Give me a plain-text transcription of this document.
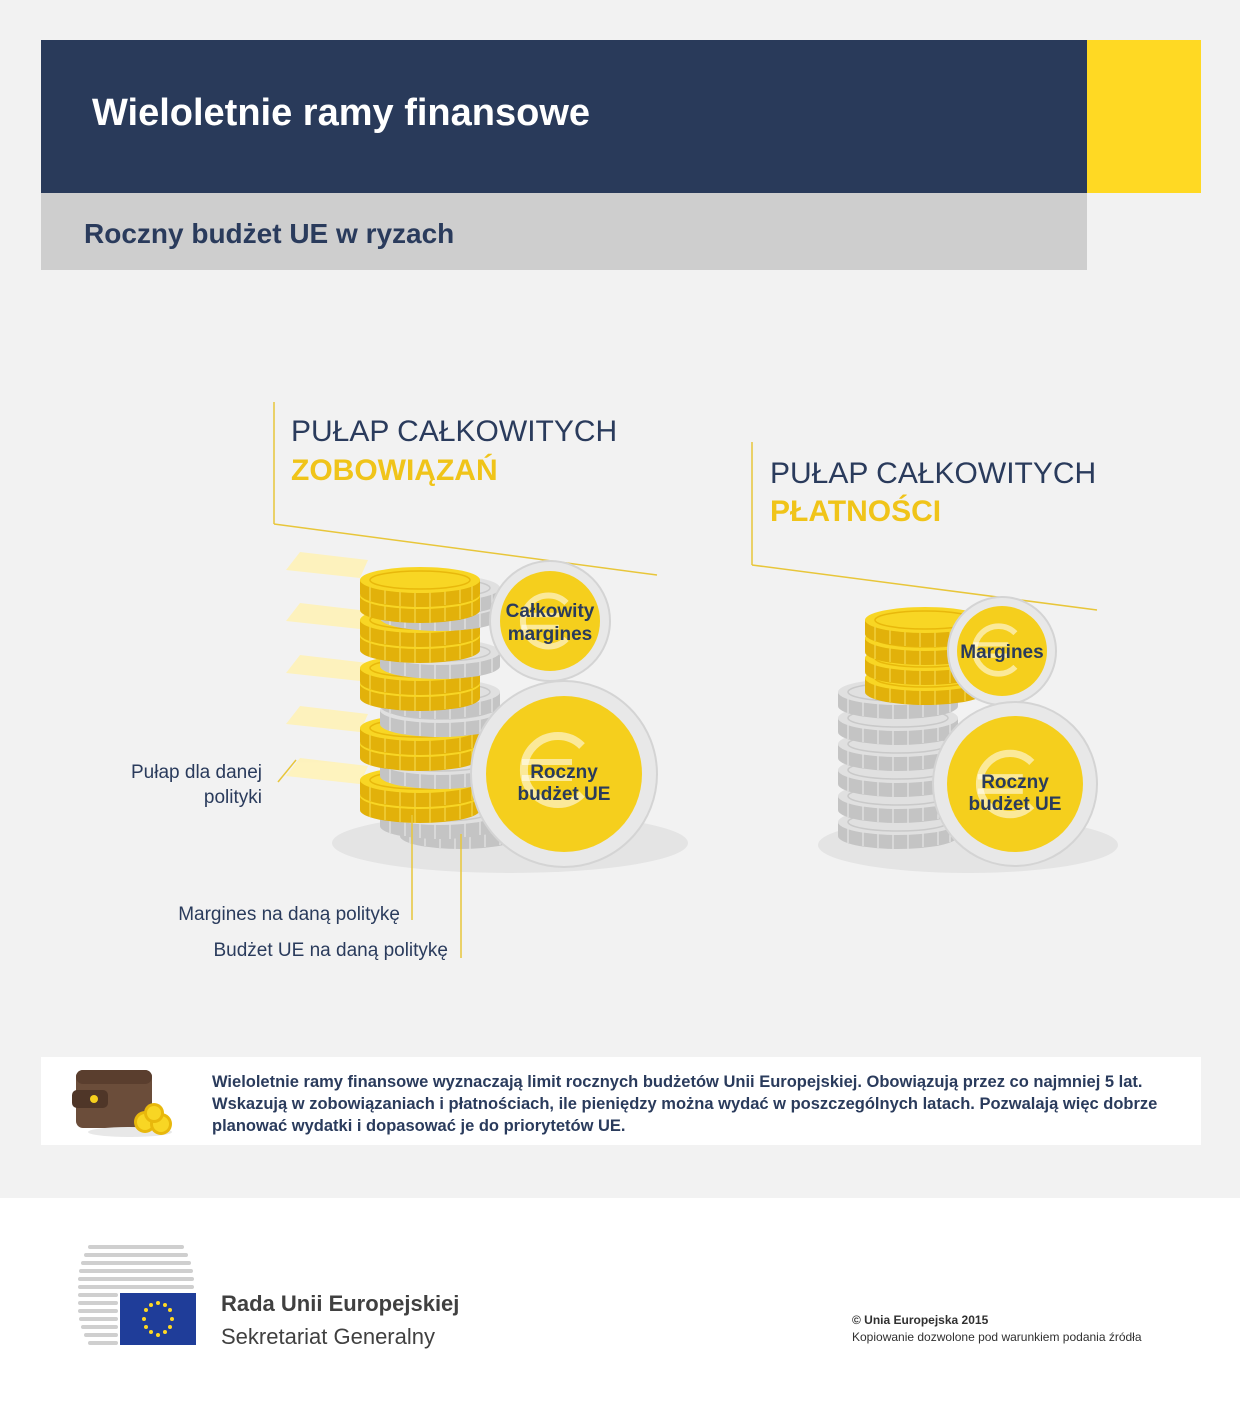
Wieloletnie ramy finansowe
Roczny budżet UE w ryzach
PUŁAP CAŁKOWITYCH
ZOBOWIĄZAŃ
Całkowity
margines
Roczny
budżet UE
Pułap dla danej
polityki
Margines na daną politykę
Budżet UE na daną politykę
PUŁAP CAŁKOWITYCH
PŁATNOŚCI
Margines
Roczny
budżet UE

Wieloletnie ramy finansowe wyznaczają limit rocznych budżetów Unii Europejskiej. Obowiązują przez co najmniej 5 lat. Wskazują w zobowiązaniach i płatnościach, ile pieniędzy można wydać w poszczególnych latach. Pozwalają więc dobrze planować wydatki i dopasować je do priorytetów UE.

Rada Unii Europejskiej

Sekretariat Generalny

© Unia Europejska 2015

Kopiowanie dozwolone pod warunkiem podania źródła
